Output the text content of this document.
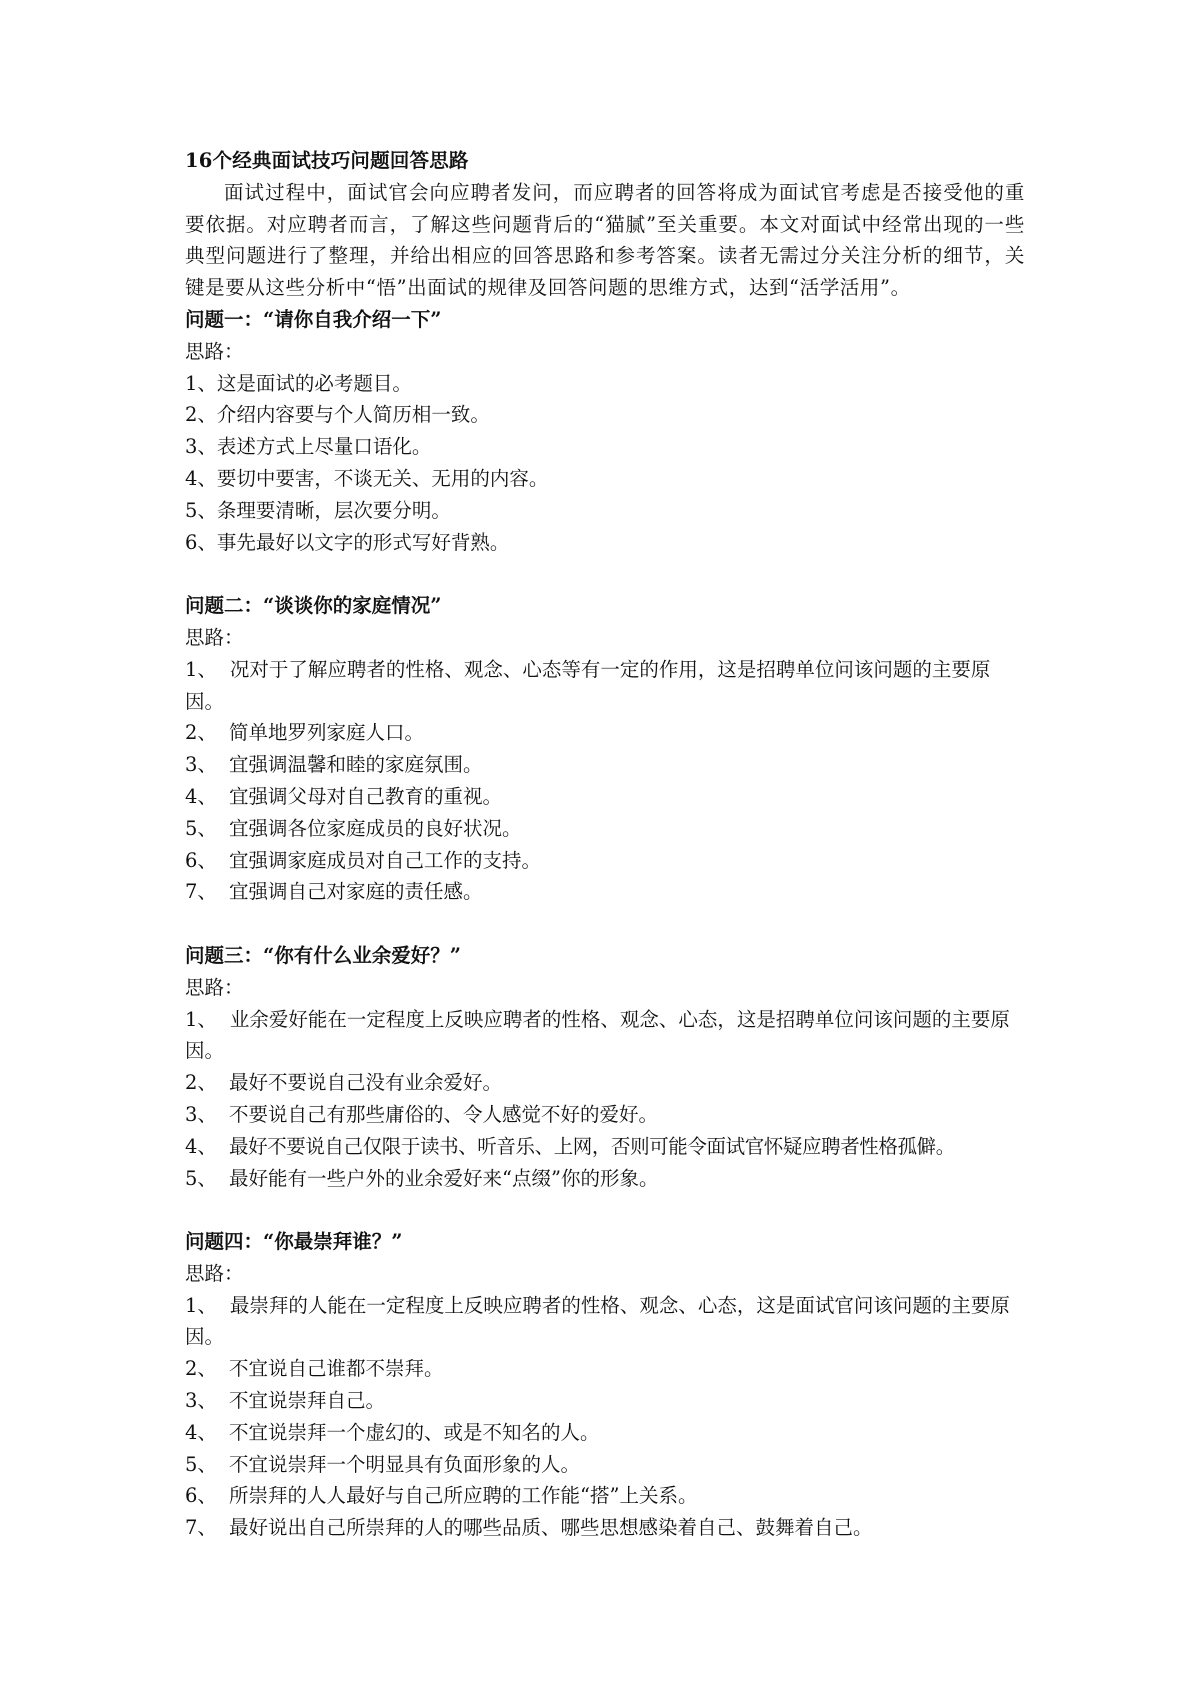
16个经典面试技巧问题回答思路
面试过程中，面试官会向应聘者发问，而应聘者的回答将成为面试官考虑是否接受他的重要依据。对应聘者而言，了解这些问题背后的“猫腻”至关重要。本文对面试中经常出现的一些典型问题进行了整理，并给出相应的回答思路和参考答案。读者无需过分关注分析的细节，关键是要从这些分析中“悟”出面试的规律及回答问题的思维方式，达到“活学活用”。
问题一：“请你自我介绍一下”
思路：
1、 这是面试的必考题目。
2、 介绍内容要与个人简历相一致。
3、 表述方式上尽量口语化。
4、 要切中要害，不谈无关、无用的内容。
5、 条理要清晰，层次要分明。
6、 事先最好以文字的形式写好背熟。
问题二：“谈谈你的家庭情况”
思路：
1、 况对于了解应聘者的性格、观念、心态等有一定的作用，这是招聘单位问该问题的主要原因。
2、 简单地罗列家庭人口。
3、 宜强调温馨和睦的家庭氛围。
4、 宜强调父母对自己教育的重视。
5、 宜强调各位家庭成员的良好状况。
6、 宜强调家庭成员对自己工作的支持。
7、 宜强调自己对家庭的责任感。
问题三：“你有什么业余爱好？”
思路：
1、 业余爱好能在一定程度上反映应聘者的性格、观念、心态，这是招聘单位问该问题的主要原因。
2、 最好不要说自己没有业余爱好。
3、 不要说自己有那些庸俗的、令人感觉不好的爱好。
4、 最好不要说自己仅限于读书、听音乐、上网，否则可能令面试官怀疑应聘者性格孤僻。
5、 最好能有一些户外的业余爱好来“点缀”你的形象。
问题四：“你最崇拜谁？”
思路：
1、 最崇拜的人能在一定程度上反映应聘者的性格、观念、心态，这是面试官问该问题的主要原因。
2、 不宜说自己谁都不崇拜。
3、 不宜说崇拜自己。
4、 不宜说崇拜一个虚幻的、或是不知名的人。
5、 不宜说崇拜一个明显具有负面形象的人。
6、 所崇拜的人人最好与自己所应聘的工作能“搭”上关系。
7、 最好说出自己所崇拜的人的哪些品质、哪些思想感染着自己、鼓舞着自己。
